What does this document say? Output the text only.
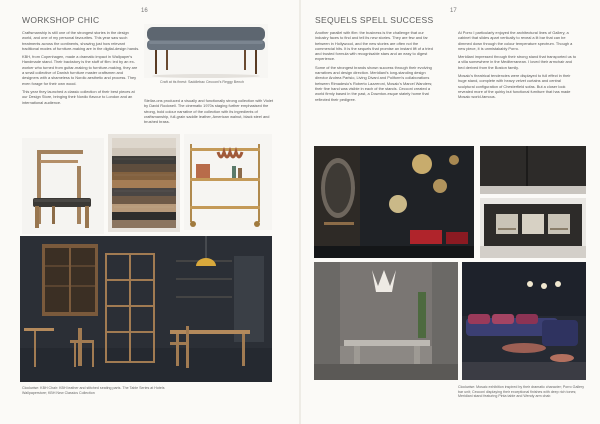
16
WORKSHOP CHIC

Craftsmanship is still one of the strongest stories in the design world, and one of my personal favourites. This year saw such treatments across the continents, showing just how relevant traditional modes of furniture-making are in the digital-design hands.

KBH, from Copenhagen, made a dramatic impact in Wallpaper's Handmade stand. Their backstory is the stuff of film: led by an ex-worker who turned from guitar-making to furniture-making, they are a small collective of Danish furniture master craftsmen and designers with a shameless to Nordic aesthetic and process. They even forage for their own wood.

This year they launched a classic collection of their best pieces at our Design Store, bringing their Nordic flavour to London and an international audience.

Craft at its finest: Saddlebac Cecconi's Reggy Bench

Stellar-ons produced a visually and functionally strong collection with Violet by David Rockwell. The cinematic 1970s staging further emphasised the strong, bold colour narrative of the collection with its ingredients of craftsmanship, full-grain saddle leather, American walnut, black steel and brushed brass.

Clockwise: KBH Chair: KBH leather and stitched seating parts. The Table Series at Hotels Wallpaperstore; KBH New Classics Collection
17
SEQUELS SPELL SUCCESS

Another parallel with film: the business is the challenge that our industry faces to find and tell its new stories. They are few and far between in Hollywood, and the new stories are often not the commercial hits. It is the sequels that promise an instant lift of a tried and trusted formula with recognisable stars and an easy to digest experience.

Some of the strongest brands shown success through their evolving narratives and design direction. Meridiani's long-standing design director Andrea Parisio, Living Divani and Poliform's collaborations between Rimadesio's Roberto Lazzeroni, Mosaic's Marcel Wanders; their fine hand was visible in each of the stands. Cecconi created a world firmly based in the past, a Downton-esque stately home that reflected their pedigree.

At Porro I particularly enjoyed the architectural lines of Gallery, a cabinet that slides apart vertically to reveal a lit bar that can be dimmed down through the colour temperature spectrum. Though a new piece, it is unmistakably Porro.

Meridiani impressed through their strong stand that transported us to a villa somewhere in the Mediterranean. I loved their armchair and bed derived from the Boston family.

Mosaic's theatrical tendencies were displayed to full effect in their huge stand, complete with heavy velvet curtains and central sculptural configuration of Chesterfield sofas. But a closer look revealed more of the quirky but functional furniture that has made Mosaic world-famous.

Clockwise: Mosaic exhibition inspired by their dramatic character; Porro Gallery bar unit; Cecconi displaying their exceptional finishes with deep rich tones; Meridiani stand featuring Pinta table and Wendy arm chair.
